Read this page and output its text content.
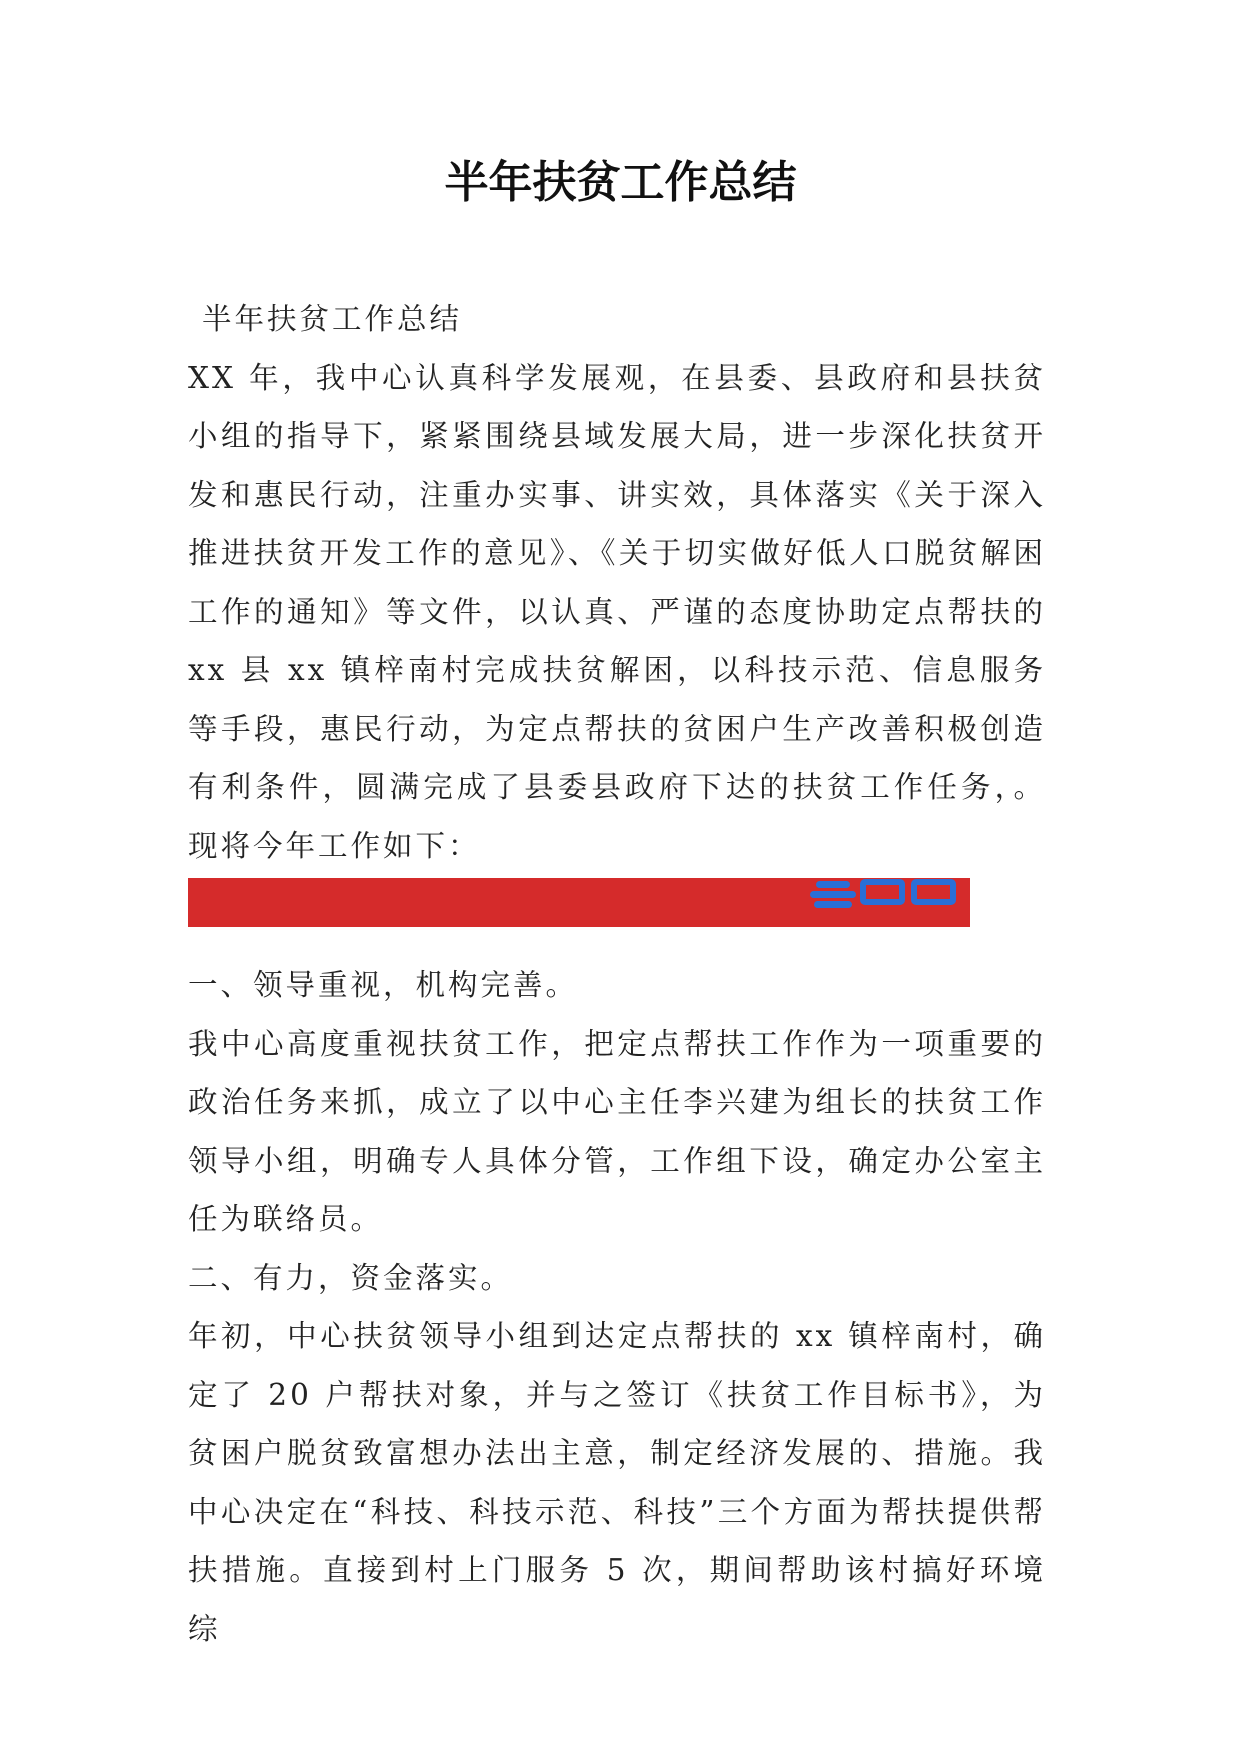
半年扶贫工作总结

半年扶贫工作总结

XX 年，我中心认真科学发展观，在县委、县政府和县扶贫小组的指导下，紧紧围绕县域发展大局，进一步深化扶贫开发和惠民行动，注重办实事、讲实效，具体落实《关于深入推进扶贫开发工作的意见》、《关于切实做好低人口脱贫解困工作的通知》等文件，以认真、严谨的态度协助定点帮扶的 xx 县 xx 镇梓南村完成扶贫解困，以科技示范、信息服务等手段，惠民行动，为定点帮扶的贫困户生产改善积极创造有利条件，圆满完成了县委县政府下达的扶贫工作任务，。现将今年工作如下：

一、领导重视，机构完善。

我中心高度重视扶贫工作，把定点帮扶工作作为一项重要的政治任务来抓，成立了以中心主任李兴建为组长的扶贫工作领导小组，明确专人具体分管，工作组下设，确定办公室主任为联络员。

二、有力，资金落实。

年初，中心扶贫领导小组到达定点帮扶的 xx 镇梓南村，确定了 20 户帮扶对象，并与之签订《扶贫工作目标书》，为贫困户脱贫致富想办法出主意，制定经济发展的、措施。我中心决定在“科技、科技示范、科技”三个方面为帮扶提供帮扶措施。直接到村上门服务 5 次，期间帮助该村搞好环境综
